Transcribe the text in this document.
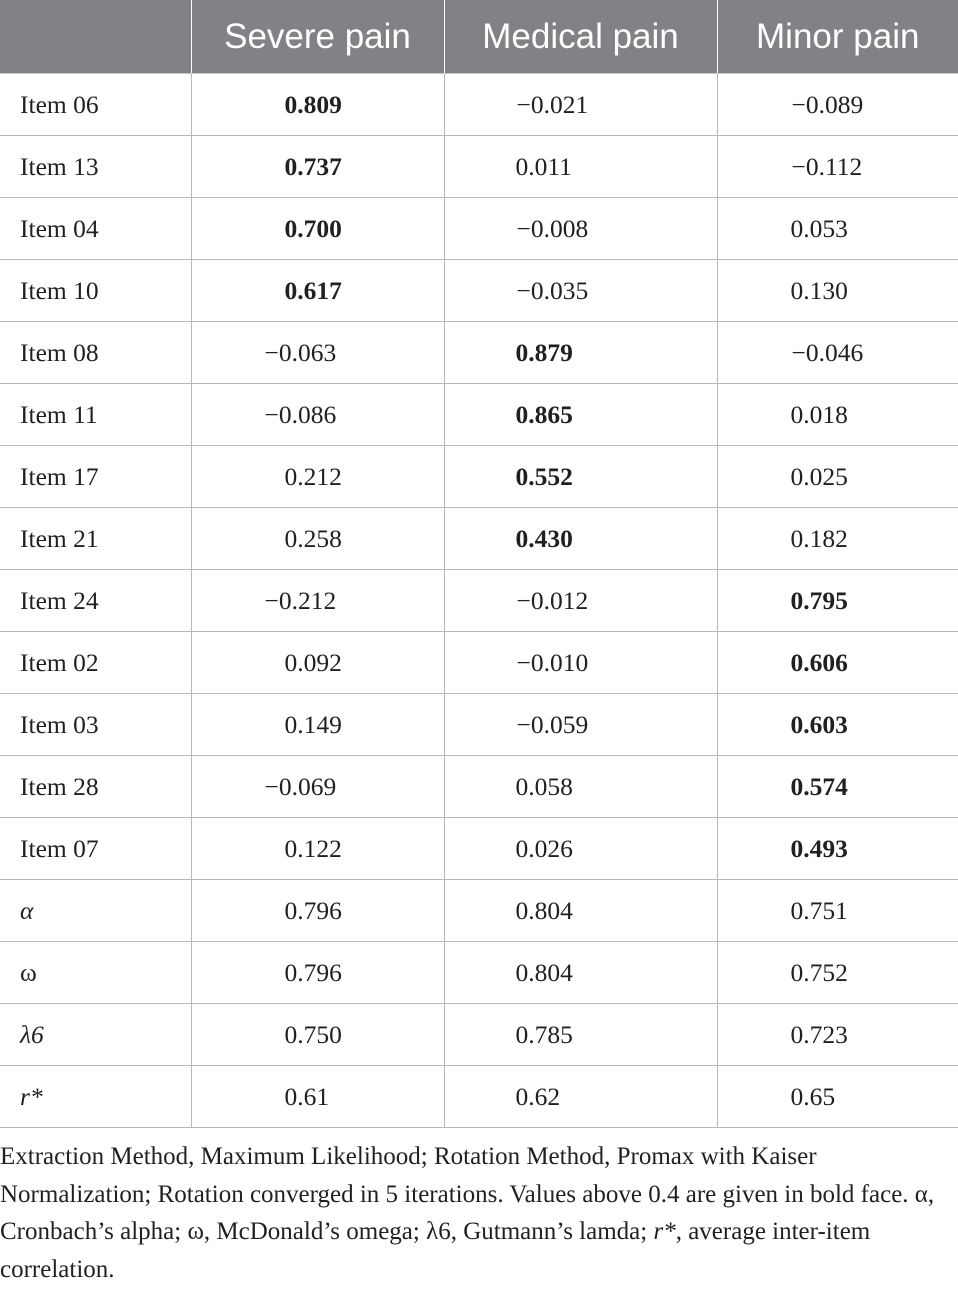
	Severe pain	Medical pain	Minor pain
Item 06	0.809	−0.021	−0.089
Item 13	0.737	0.011	−0.112
Item 04	0.700	−0.008	0.053
Item 10	0.617	−0.035	0.130
Item 08	−0.063	0.879	−0.046
Item 11	−0.086	0.865	0.018
Item 17	0.212	0.552	0.025
Item 21	0.258	0.430	0.182
Item 24	−0.212	−0.012	0.795
Item 02	0.092	−0.010	0.606
Item 03	0.149	−0.059	0.603
Item 28	−0.069	0.058	0.574
Item 07	0.122	0.026	0.493
α	0.796	0.804	0.751
ω	0.796	0.804	0.752
λ6	0.750	0.785	0.723
r*	0.61	0.62	0.65
Extraction Method, Maximum Likelihood; Rotation Method, Promax with Kaiser Normalization; Rotation converged in 5 iterations. Values above 0.4 are given in bold face. α, Cronbach’s alpha; ω, McDonald’s omega; λ6, Gutmann’s lamda; r*, average inter-item correlation.
